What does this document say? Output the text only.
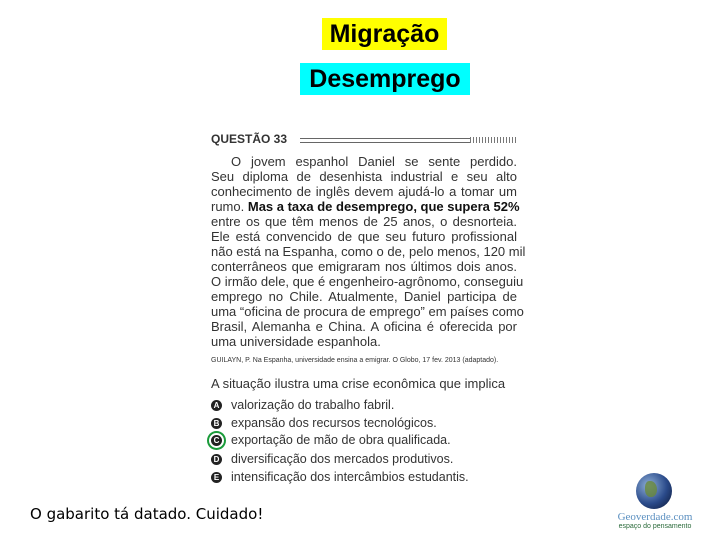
Migração
Desemprego
QUESTÃO 33
O jovem espanhol Daniel se sente perdido.
Seu diploma de desenhista industrial e seu alto
conhecimento de inglês devem ajudá-lo a tomar um
rumo. Mas a taxa de desemprego, que supera 52%
entre os que têm menos de 25 anos, o desnorteia.
Ele está convencido de que seu futuro profissional
não está na Espanha, como o de, pelo menos, 120 mil
conterrâneos que emigraram nos últimos dois anos.
O irmão dele, que é engenheiro-agrônomo, conseguiu
emprego no Chile. Atualmente, Daniel participa de
uma “oficina de procura de emprego” em países como
Brasil, Alemanha e China. A oficina é oferecida por
uma universidade espanhola.
GUILAYN, P. Na Espanha, universidade ensina a emigrar. O Globo, 17 fev. 2013 (adaptado).
A situação ilustra uma crise econômica que implica
A valorização do trabalho fabril.
B expansão dos recursos tecnológicos.
C exportação de mão de obra qualificada.
D diversificação dos mercados produtivos.
E intensificação dos intercâmbios estudantis.
O gabarito tá datado. Cuidado!	Geoverdade.com
espaço do pensamento
